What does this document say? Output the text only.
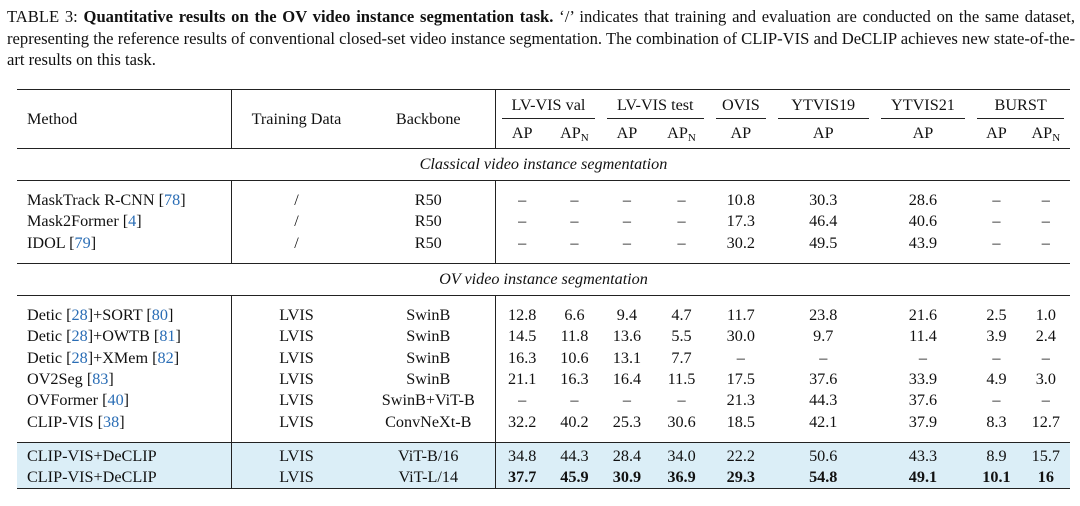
TABLE 3: Quantitative results on the OV video instance segmentation task. ‘/’ indicates that training and evaluation are conducted on the same dataset, representing the reference results of conventional closed-set video instance segmentation. The combination of CLIP-VIS and DeCLIP achieves new state-of-the-art results on this task.
Method	Training Data	Backbone	LV-VIS val		LV-VIS test		OVIS	YTVIS19	YTVIS21	BURST	

			AP	$AP_N$	AP	$AP_N$	AP	AP	AP	AP	$AP_N$
Classical video instance segmentation											

MaskTrack R-CNN [78]	/	R50	–	–	–	–	10.8	30.3	28.6	–	–
Mask2Former [4]	/	R50	–	–	–	–	17.3	46.4	40.6	–	–
IDOL [79]	/	R50	–	–	–	–	30.2	49.5	43.9	–	–

OV video instance segmentation											

Detic [28]+SORT [80]	LVIS	SwinB	12.8	6.6	9.4	4.7	11.7	23.8	21.6	2.5	1.0
Detic [28]+OWTB [81]	LVIS	SwinB	14.5	11.8	13.6	5.5	30.0	9.7	11.4	3.9	2.4
Detic [28]+XMem [82]	LVIS	SwinB	16.3	10.6	13.1	7.7	–	–	–	–	–
OV2Seg [83]	LVIS	SwinB	21.1	16.3	16.4	11.5	17.5	37.6	33.9	4.9	3.0
OVFormer [40]	LVIS	SwinB+ViT-B	–	–	–	–	21.3	44.3	37.6	–	–
CLIP-VIS [38]	LVIS	ConvNeXt-B	32.2	40.2	25.3	30.6	18.5	42.1	37.9	8.3	12.7

CLIP-VIS+DeCLIP	LVIS	ViT-B/16	34.8	44.3	28.4	34.0	22.2	50.6	43.3	8.9	15.7
CLIP-VIS+DeCLIP	LVIS	ViT-L/14	37.7	45.9	30.9	36.9	29.3	54.8	49.1	10.1	16
